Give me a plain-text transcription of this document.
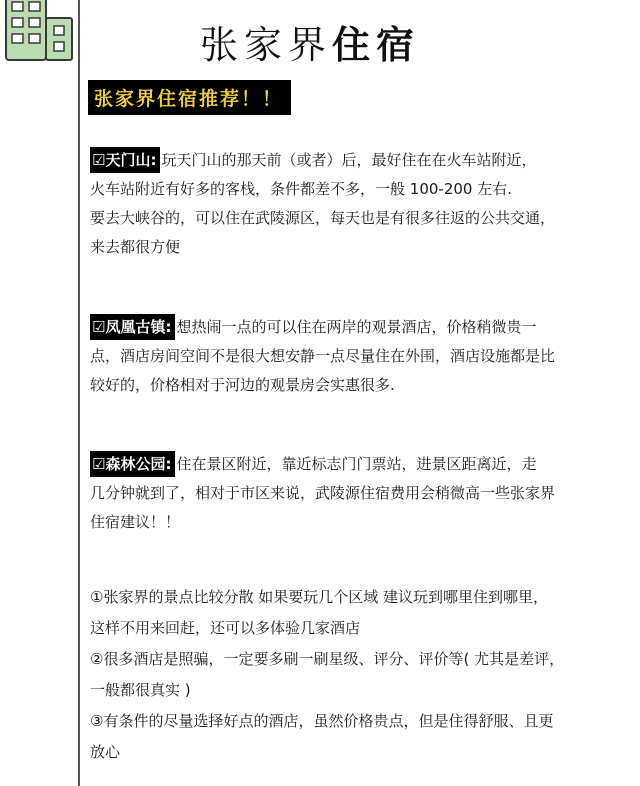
张家界住宿
张家界住宿推荐！！
☑天门山: 玩天门山的那天前（或者）后，最好住在在火车站附近，
火车站附近有好多的客栈，条件都差不多，一般 100-200 左右.
要去大峡谷的，可以住在武陵源区，每天也是有很多往返的公共交通，
来去都很方便
☑凤凰古镇: 想热闹一点的可以住在两岸的观景酒店，价格稍微贵一
点，酒店房间空间不是很大想安静一点尽量住在外围，酒店设施都是比
较好的，价格相对于河边的观景房会实惠很多.
☑森林公园: 住在景区附近，靠近标志门门票站，进景区距离近，走
几分钟就到了，相对于市区来说，武陵源住宿费用会稍微高一些张家界
住宿建议！！
①张家界的景点比较分散 如果要玩几个区域 建议玩到哪里住到哪里，
这样不用来回赶，还可以多体验几家酒店
②很多酒店是照骗，一定要多刷一刷星级、评分、评价等( 尤其是差评，
一般都很真实 )
③有条件的尽量选择好点的酒店，虽然价格贵点，但是住得舒服、且更
放心
